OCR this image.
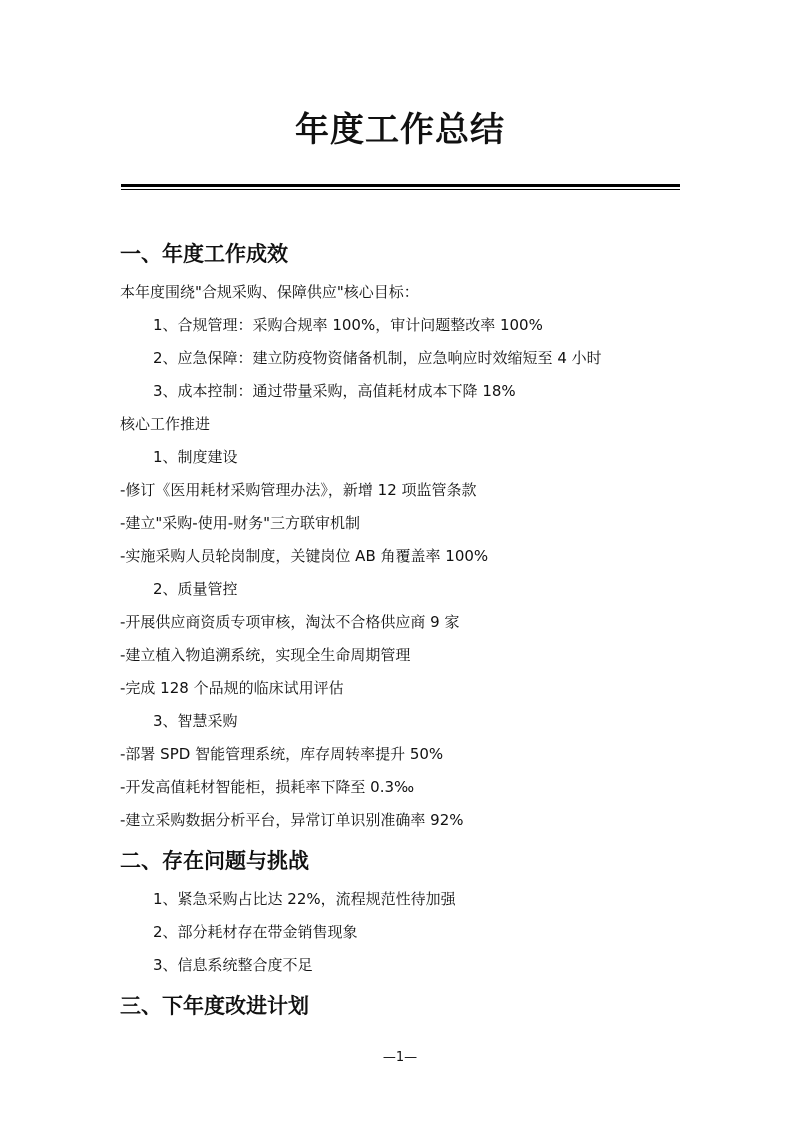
年度工作总结
一、年度工作成效

本年度围绕"合规采购、保障供应"核心目标：

1、合规管理：采购合规率 100%，审计问题整改率 100%

2、应急保障：建立防疫物资储备机制，应急响应时效缩短至 4 小时

3、成本控制：通过带量采购，高值耗材成本下降 18%

核心工作推进

1、制度建设

-修订《医用耗材采购管理办法》，新增 12 项监管条款

-建立"采购-使用-财务"三方联审机制

-实施采购人员轮岗制度，关键岗位 AB 角覆盖率 100%

2、质量管控

-开展供应商资质专项审核，淘汰不合格供应商 9 家

-建立植入物追溯系统，实现全生命周期管理

-完成 128 个品规的临床试用评估

3、智慧采购

-部署 SPD 智能管理系统，库存周转率提升 50%

-开发高值耗材智能柜，损耗率下降至 0.3‰

-建立采购数据分析平台，异常订单识别准确率 92%

二、存在问题与挑战

1、紧急采购占比达 22%，流程规范性待加强

2、部分耗材存在带金销售现象

3、信息系统整合度不足

三、下年度改进计划
—1—
